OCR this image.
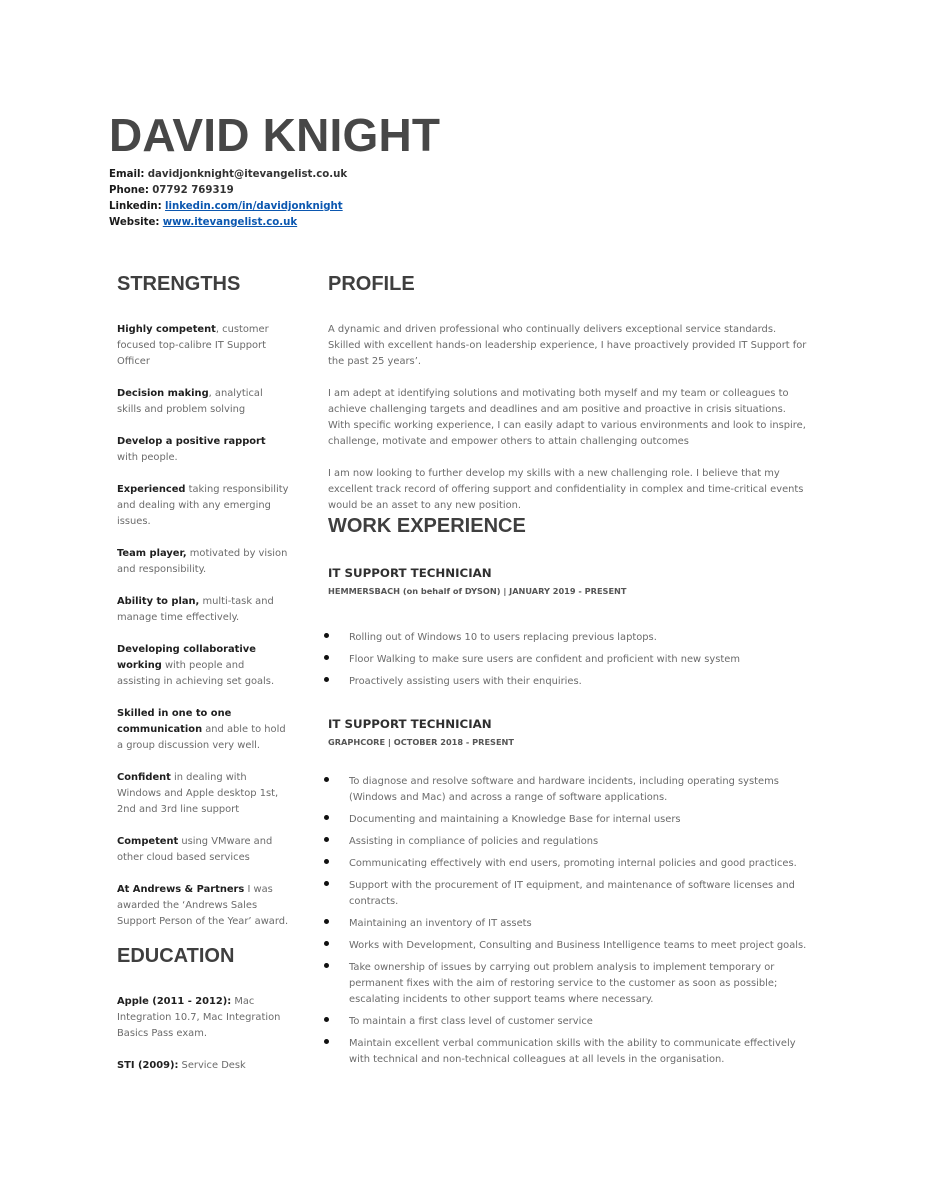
DAVID KNIGHT
Email: davidjonknight@itevangelist.co.uk
Phone: 07792 769319
Linkedin: linkedin.com/in/davidjonknight
Website: www.itevangelist.co.uk
STRENGTHS	PROFILE
WORK EXPERIENCE
EDUCATION
Highly competent, customer focused top-calibre IT Support Officer
Decision making, analytical skills and problem solving
Develop a positive rapport with people.
Experienced taking responsibility and dealing with any emerging issues.
Team player, motivated by vision and responsibility.
Ability to plan, multi-task and manage time effectively.
Developing collaborative working with people and assisting in achieving set goals.
Skilled in one to one communication and able to hold a group discussion very well.
Confident in dealing with Windows and Apple desktop 1st, 2nd and 3rd line support
Competent using VMware and other cloud based services
At Andrews & Partners I was awarded the ‘Andrews Sales Support Person of the Year’ award.
Apple (2011 - 2012): Mac Integration 10.7, Mac Integration Basics Pass exam.
STI (2009): Service Desk

A dynamic and driven professional who continually delivers exceptional service standards. Skilled with excellent hands-on leadership experience, I have proactively provided IT Support for the past 25 years’.

I am adept at identifying solutions and motivating both myself and my team or colleagues to achieve challenging targets and deadlines and am positive and proactive in crisis situations. With specific working experience, I can easily adapt to various environments and look to inspire, challenge, motivate and empower others to attain challenging outcomes

I am now looking to further develop my skills with a new challenging role. I believe that my excellent track record of offering support and confidentiality in complex and time-critical events would be an asset to any new position.

IT SUPPORT TECHNICIAN
HEMMERSBACH (on behalf of DYSON) | JANUARY 2019 - PRESENT
Rolling out of Windows 10 to users replacing previous laptops.
Floor Walking to make sure users are confident and proficient with new system
Proactively assisting users with their enquiries.
IT SUPPORT TECHNICIAN
GRAPHCORE | OCTOBER 2018 - PRESENT
To diagnose and resolve software and hardware incidents, including operating systems (Windows and Mac) and across a range of software applications.
Documenting and maintaining a Knowledge Base for internal users
Assisting in compliance of policies and regulations
Communicating effectively with end users, promoting internal policies and good practices.
Support with the procurement of IT equipment, and maintenance of software licenses and contracts.
Maintaining an inventory of IT assets
Works with Development, Consulting and Business Intelligence teams to meet project goals.
Take ownership of issues by carrying out problem analysis to implement temporary or permanent fixes with the aim of restoring service to the customer as soon as possible; escalating incidents to other support teams where necessary.
To maintain a first class level of customer service
Maintain excellent verbal communication skills with the ability to communicate effectively with technical and non-technical colleagues at all levels in the organisation.
